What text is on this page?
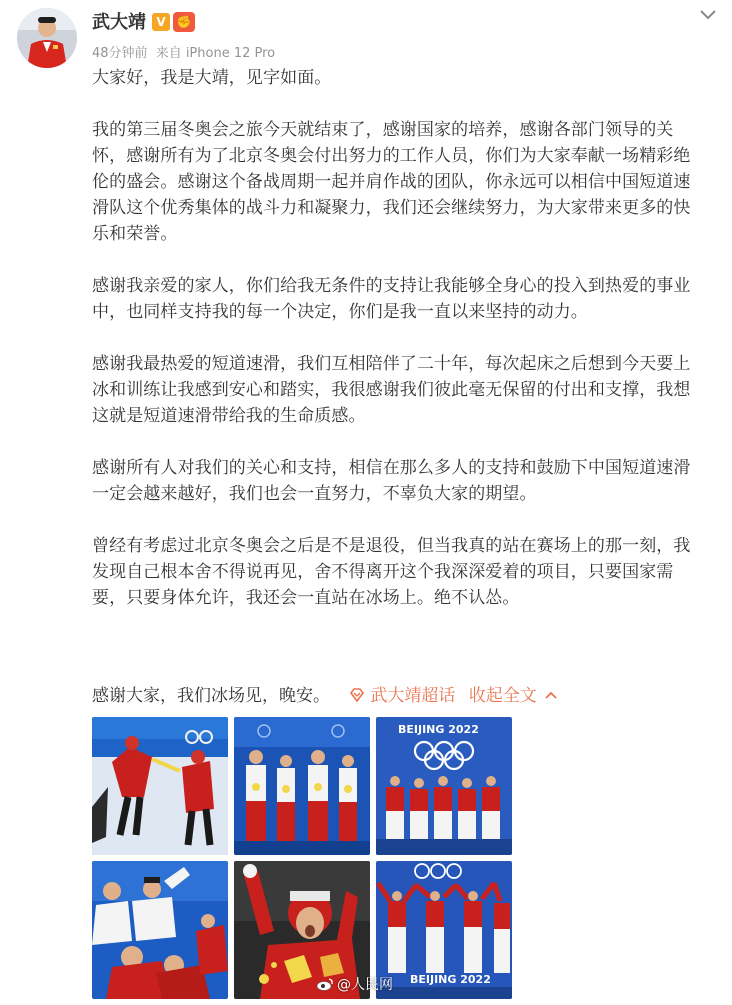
武大靖 V ✊
48分钟前 来自 iPhone 12 Pro
大家好，我是大靖，见字如面。
我的第三届冬奥会之旅今天就结束了，感谢国家的培养，感谢各部门领导的关
怀，感谢所有为了北京冬奥会付出努力的工作人员，你们为大家奉献一场精彩绝
伦的盛会。感谢这个备战周期一起并肩作战的团队，你永远可以相信中国短道速
滑队这个优秀集体的战斗力和凝聚力，我们还会继续努力，为大家带来更多的快
乐和荣誉。
感谢我亲爱的家人，你们给我无条件的支持让我能够全身心的投入到热爱的事业
中，也同样支持我的每一个决定，你们是我一直以来坚持的动力。
感谢我最热爱的短道速滑，我们互相陪伴了二十年，每次起床之后想到今天要上
冰和训练让我感到安心和踏实，我很感谢我们彼此毫无保留的付出和支撑，我想
这就是短道速滑带给我的生命质感。
感谢所有人对我们的关心和支持，相信在那么多人的支持和鼓励下中国短道速滑
一定会越来越好，我们也会一直努力，不辜负大家的期望。
曾经有考虑过北京冬奥会之后是不是退役，但当我真的站在赛场上的那一刻，我
发现自己根本舍不得说再见，舍不得离开这个我深深爱着的项目，只要国家需
要，只要身体允许，我还会一直站在冰场上。绝不认怂。
感谢大家，我们冰场见，晚安。 武大靖超话 收起全文
BEIJING 2022
BEIJING 2022
@人民网
